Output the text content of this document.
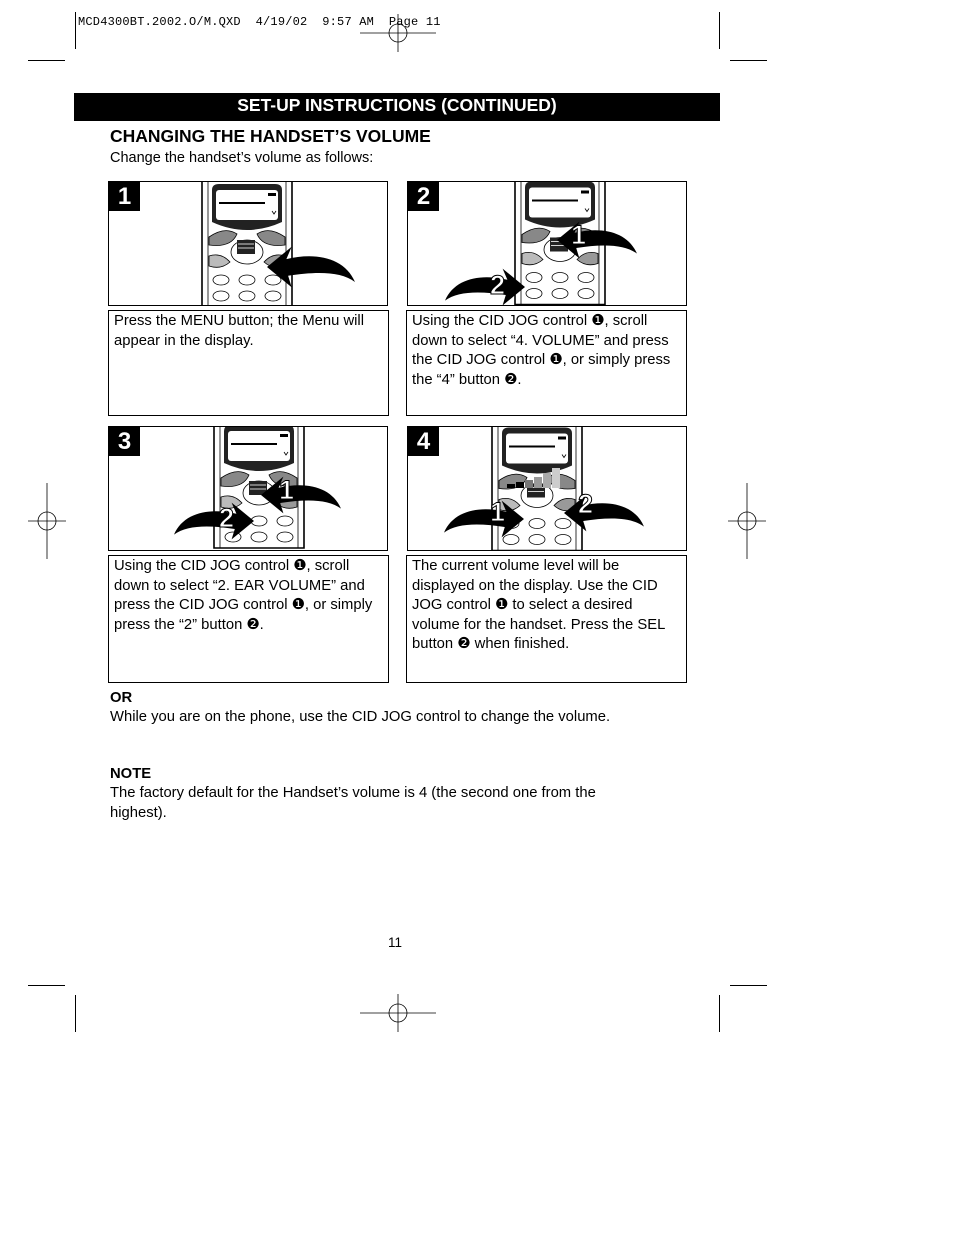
MCD4300BT.2002.O/M.QXD  4/19/02  9:57 AM  Page 11
SET-UP INSTRUCTIONS (CONTINUED)
CHANGING THE HANDSET’S VOLUME
Change the handset’s volume as follows:
1	2
1
2
3
1
2
4
1	2
Press the MENU button; the Menu will appear in the display.
Using the CID JOG control ❶, scroll down to select “4. VOLUME” and press the CID JOG control ❶, or simply press the “4” button ❷.
Using the CID JOG control ❶, scroll down to select “2. EAR VOLUME” and press the CID JOG control ❶, or simply press the “2” button ❷.
The current volume level will be displayed on the display. Use the CID JOG control ❶ to select a desired volume for the handset. Press the SEL button ❷ when finished.
OR
While you are on the phone, use the CID JOG control to change the volume.
NOTE
The factory default for the Handset’s volume is 4 (the second one from the highest).
11
